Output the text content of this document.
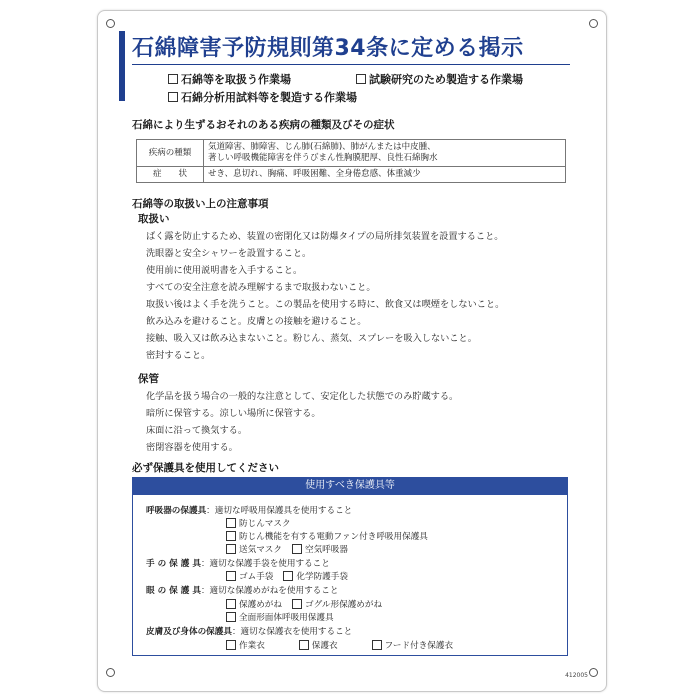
石綿障害予防規則第34条に定める掲示
石綿等を取扱う作業場	試験研究のため製造する作業場
石綿分析用試料等を製造する作業場
石綿により生ずるおそれのある疾病の種類及びその症状
疾病の種類	気道障害、肺障害、じん肺(石綿肺)、肺がんまたは中皮腫、
著しい呼吸機能障害を伴うびまん性胸膜肥厚、良性石綿胸水

症　　状	せき、息切れ、胸痛、呼吸困難、全身倦怠感、体重減少
石綿等の取扱い上の注意事項
取扱い
ばく露を防止するため、装置の密閉化又は防爆タイプの局所排気装置を設置すること。
洗眼器と安全シャワーを設置すること。
使用前に使用説明書を入手すること。
すべての安全注意を読み理解するまで取扱わないこと。
取扱い後はよく手を洗うこと。この製品を使用する時に、飲食又は喫煙をしないこと。
飲み込みを避けること。皮膚との接触を避けること。
接触、吸入又は飲み込まないこと。粉じん、蒸気、スプレーを吸入しないこと。
密封すること。
保管
化学品を扱う場合の一般的な注意として、安定化した状態でのみ貯蔵する。
暗所に保管する。涼しい場所に保管する。
床面に沿って換気する。
密閉容器を使用する。
必ず保護具を使用してください
使用すべき保護具等
呼吸器の保護具 ：適切な呼吸用保護具を使用すること
防じんマスク
防じん機能を有する電動ファン付き呼吸用保護具
送気マスク	空気呼吸器
手 の 保 護 具 ：適切な保護手袋を使用すること
ゴム手袋	化学防護手袋
眼 の 保 護 具 ：適切な保護めがねを使用すること
保護めがね	ゴグル形保護めがね
全面形面体呼吸用保護具
皮膚及び身体の保護具 ：適切な保護衣を使用すること
作業衣	保護衣	フード付き保護衣
412005
